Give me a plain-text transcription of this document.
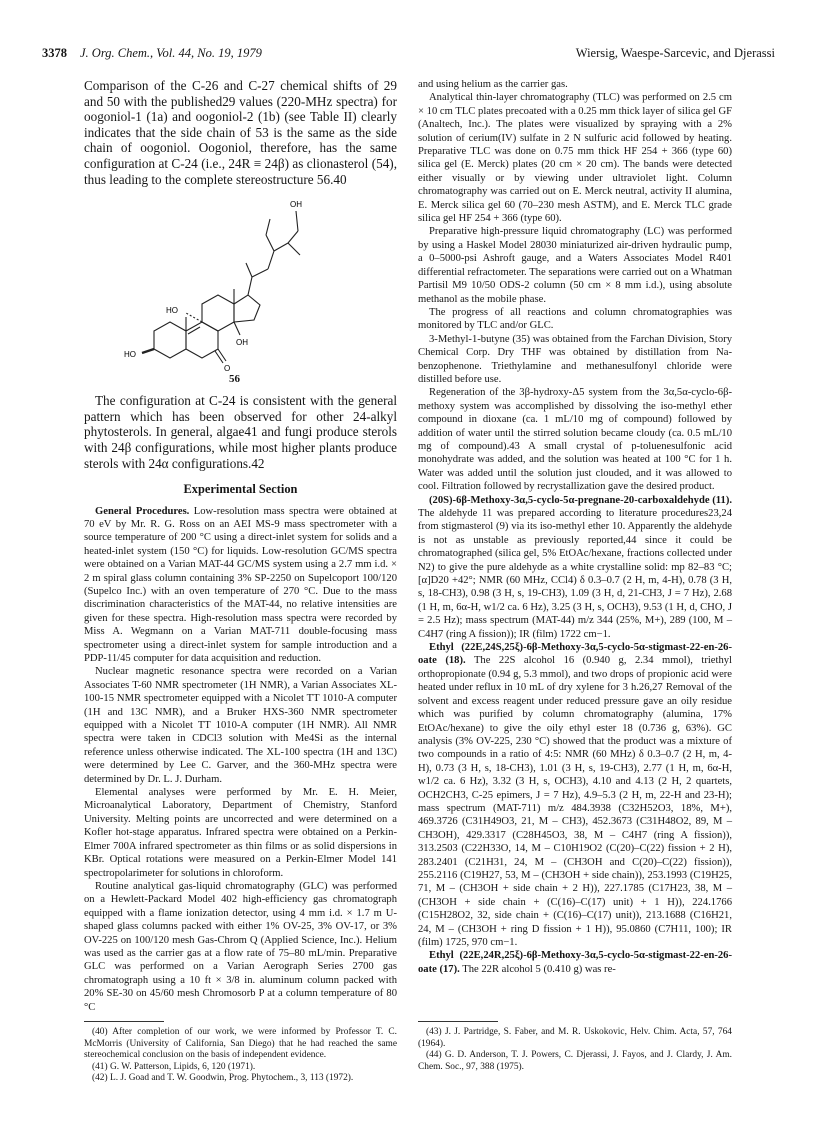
3378 J. Org. Chem., Vol. 44, No. 19, 1979	Wiersig, Waespe-Sarcevic, and Djerassi

Comparison of the C-26 and C-27 chemical shifts of 29 and 50 with the published29 values (220-MHz spectra) for oogoniol-1 (1a) and oogoniol-2 (1b) (see Table II) clearly indicates that the side chain of 53 is the same as the side chain of oogoniol. Oogoniol, therefore, has the same configuration at C-24 (i.e., 24R ≡ 24β) as clionasterol (54), thus leading to the complete stereostructure 56.40

OH
HO
HO
OH
O
56

The configuration at C-24 is consistent with the general pattern which has been observed for other 24-alkyl phytosterols. In general, algae41 and fungi produce sterols with 24β configurations, while most higher plants produce sterols with 24α configurations.42

Experimental Section

General Procedures. Low-resolution mass spectra were obtained at 70 eV by Mr. R. G. Ross on an AEI MS-9 mass spectrometer with a source temperature of 200 °C using a direct-inlet system for solids and a heated-inlet system (150 °C) for liquids. Low-resolution GC/MS spectra were obtained on a Varian MAT-44 GC/MS system using a 2.7 mm i.d. × 2 m spiral glass column containing 3% SP-2250 on Supelcoport 100/120 (Supelco Inc.) with an oven temperature of 270 °C. Due to the mass discrimination characteristics of the MAT-44, no relative intensities are given for these spectra. High-resolution mass spectra were recorded by Miss A. Wegmann on a Varian MAT-711 double-focusing mass spectrometer using a direct-inlet system for sample introduction and a PDP-11/45 computer for data acquisition and reduction.

Nuclear magnetic resonance spectra were recorded on a Varian Associates T-60 NMR spectrometer (1H NMR), a Varian Associates XL-100-15 NMR spectrometer equipped with a Nicolet TT 1010-A computer (1H and 13C NMR), and a Bruker HXS-360 NMR spectrometer equipped with a Nicolet TT 1010-A computer (1H NMR). All NMR spectra were taken in CDCl3 solution with Me4Si as the internal reference unless otherwise indicated. The XL-100 spectra (1H and 13C) were determined by Lee C. Garver, and the 360-MHz spectra were determined by Dr. L. J. Durham.

Elemental analyses were performed by Mr. E. H. Meier, Microanalytical Laboratory, Department of Chemistry, Stanford University. Melting points are uncorrected and were determined on a Kofler hot-stage apparatus. Infrared spectra were obtained on a Perkin-Elmer 700A infrared spectrometer as thin films or as solid dispersions in KBr. Optical rotations were measured on a Perkin-Elmer Model 141 spectropolarimeter for solutions in chloroform.

Routine analytical gas-liquid chromatography (GLC) was performed on a Hewlett-Packard Model 402 high-efficiency gas chromatograph equipped with a flame ionization detector, using 4 mm i.d. × 1.7 m U-shaped glass columns packed with either 1% OV-25, 3% OV-17, or 3% OV-225 on 100/120 mesh Gas-Chrom Q (Applied Science, Inc.). Helium was used as the carrier gas at a flow rate of 75–80 mL/min. Preparative GLC was performed on a Varian Aerograph Series 2700 gas chromatograph using a 10 ft × 3/8 in. aluminum column packed with 20% SE-30 on 45/60 mesh Chromosorb P at a column temperature of 80 °C

and using helium as the carrier gas.

Analytical thin-layer chromatography (TLC) was performed on 2.5 cm × 10 cm TLC plates precoated with a 0.25 mm thick layer of silica gel GF (Analtech, Inc.). The plates were visualized by spraying with a 2% solution of cerium(IV) sulfate in 2 N sulfuric acid followed by heating. Preparative TLC was done on 0.75 mm thick HF 254 + 366 (type 60) silica gel (E. Merck) plates (20 cm × 20 cm). The bands were detected either visually or by viewing under ultraviolet light. Column chromatography was carried out on E. Merck neutral, activity II alumina, E. Merck silica gel 60 (70–230 mesh ASTM), and E. Merck TLC grade silica gel HF 254 + 366 (type 60).

Preparative high-pressure liquid chromatography (LC) was performed by using a Haskel Model 28030 miniaturized air-driven hydraulic pump, a 0–5000-psi Ashroft gauge, and a Waters Associates Model R401 differential refractometer. The separations were carried out on a Whatman Partisil M9 10/50 ODS-2 column (50 cm × 8 mm i.d.), using absolute methanol as the mobile phase.

The progress of all reactions and column chromatographies was monitored by TLC and/or GLC.

3-Methyl-1-butyne (35) was obtained from the Farchan Division, Story Chemical Corp. Dry THF was obtained by distillation from Na-benzophenone. Triethylamine and methanesulfonyl chloride were distilled before use.

Regeneration of the 3β-hydroxy-Δ5 system from the 3α,5α-cyclo-6β-methoxy system was accomplished by dissolving the iso-methyl ether compound in dioxane (ca. 1 mL/10 mg of compound) followed by addition of water until the stirred solution became cloudy (ca. 0.5 mL/10 mg of compound).43 A small crystal of p-toluenesulfonic acid monohydrate was added, and the solution was heated at 100 °C for 1 h. Water was added until the solution just clouded, and it was allowed to cool. Filtration followed by recrystallization gave the desired product.

(20S)-6β-Methoxy-3α,5-cyclo-5α-pregnane-20-carboxaldehyde (11). The aldehyde 11 was prepared according to literature procedures23,24 from stigmasterol (9) via its iso-methyl ether 10. Apparently the aldehyde is not as unstable as previously reported,44 since it could be chromatographed (silica gel, 5% EtOAc/hexane, fractions collected under N2) to give the pure aldehyde as a white crystalline solid: mp 82–83 °C; [α]D20 +42°; NMR (60 MHz, CCl4) δ 0.3–0.7 (2 H, m, 4-H), 0.78 (3 H, s, 18-CH3), 0.98 (3 H, s, 19-CH3), 1.09 (3 H, d, 21-CH3, J = 7 Hz), 2.68 (1 H, m, 6α-H, w1/2 ca. 6 Hz), 3.25 (3 H, s, OCH3), 9.53 (1 H, d, CHO, J = 2.5 Hz); mass spectrum (MAT-44) m/z 344 (25%, M+), 289 (100, M – C4H7 (ring A fission)); IR (film) 1722 cm−1.

Ethyl (22E,24S,25ξ)-6β-Methoxy-3α,5-cyclo-5α-stigmast-22-en-26-oate (18). The 22S alcohol 16 (0.940 g, 2.34 mmol), triethyl orthopropionate (0.94 g, 5.3 mmol), and two drops of propionic acid were heated under reflux in 10 mL of dry xylene for 3 h.26,27 Removal of the solvent and excess reagent under reduced pressure gave an oily residue which was purified by column chromatography (alumina, 17% EtOAc/hexane) to give the oily ethyl ester 18 (0.736 g, 63%). GC analysis (3% OV-225, 230 °C) showed that the product was a mixture of two compounds in a ratio of 4:5: NMR (60 MHz) δ 0.3–0.7 (2 H, m, 4-H), 0.73 (3 H, s, 18-CH3), 1.01 (3 H, s, 19-CH3), 2.77 (1 H, m, 6α-H, w1/2 ca. 6 Hz), 3.32 (3 H, s, OCH3), 4.10 and 4.13 (2 H, 2 quartets, OCH2CH3, C-25 epimers, J = 7 Hz), 4.9–5.3 (2 H, m, 22-H and 23-H); mass spectrum (MAT-711) m/z 484.3938 (C32H52O3, 18%, M+), 469.3726 (C31H49O3, 21, M – CH3), 452.3673 (C31H48O2, 89, M – CH3OH), 429.3317 (C28H45O3, 38, M – C4H7 (ring A fission)), 313.2503 (C22H33O, 14, M – C10H19O2 (C(20)–C(22) fission + 2 H), 283.2401 (C21H31, 24, M – (CH3OH and C(20)–C(22) fission)), 255.2116 (C19H27, 53, M – (CH3OH + side chain)), 253.1993 (C19H25, 71, M – (CH3OH + side chain + 2 H)), 227.1785 (C17H23, 38, M – (CH3OH + side chain + (C(16)–C(17) unit) + 1 H)), 224.1766 (C15H28O2, 32, side chain + (C(16)–C(17) unit)), 213.1688 (C16H21, 24, M – (CH3OH + ring D fission + 1 H)), 95.0860 (C7H11, 100); IR (film) 1725, 970 cm−1.

Ethyl (22E,24R,25ξ)-6β-Methoxy-3α,5-cyclo-5α-stigmast-22-en-26-oate (17). The 22R alcohol 5 (0.410 g) was re-

(40) After completion of our work, we were informed by Professor T. C. McMorris (University of California, San Diego) that he had reached the same stereochemical conclusion on the basis of independent evidence.

(41) G. W. Patterson, Lipids, 6, 120 (1971).

(42) L. J. Goad and T. W. Goodwin, Prog. Phytochem., 3, 113 (1972).

(43) J. J. Partridge, S. Faber, and M. R. Uskokovic, Helv. Chim. Acta, 57, 764 (1964).

(44) G. D. Anderson, T. J. Powers, C. Djerassi, J. Fayos, and J. Clardy, J. Am. Chem. Soc., 97, 388 (1975).
